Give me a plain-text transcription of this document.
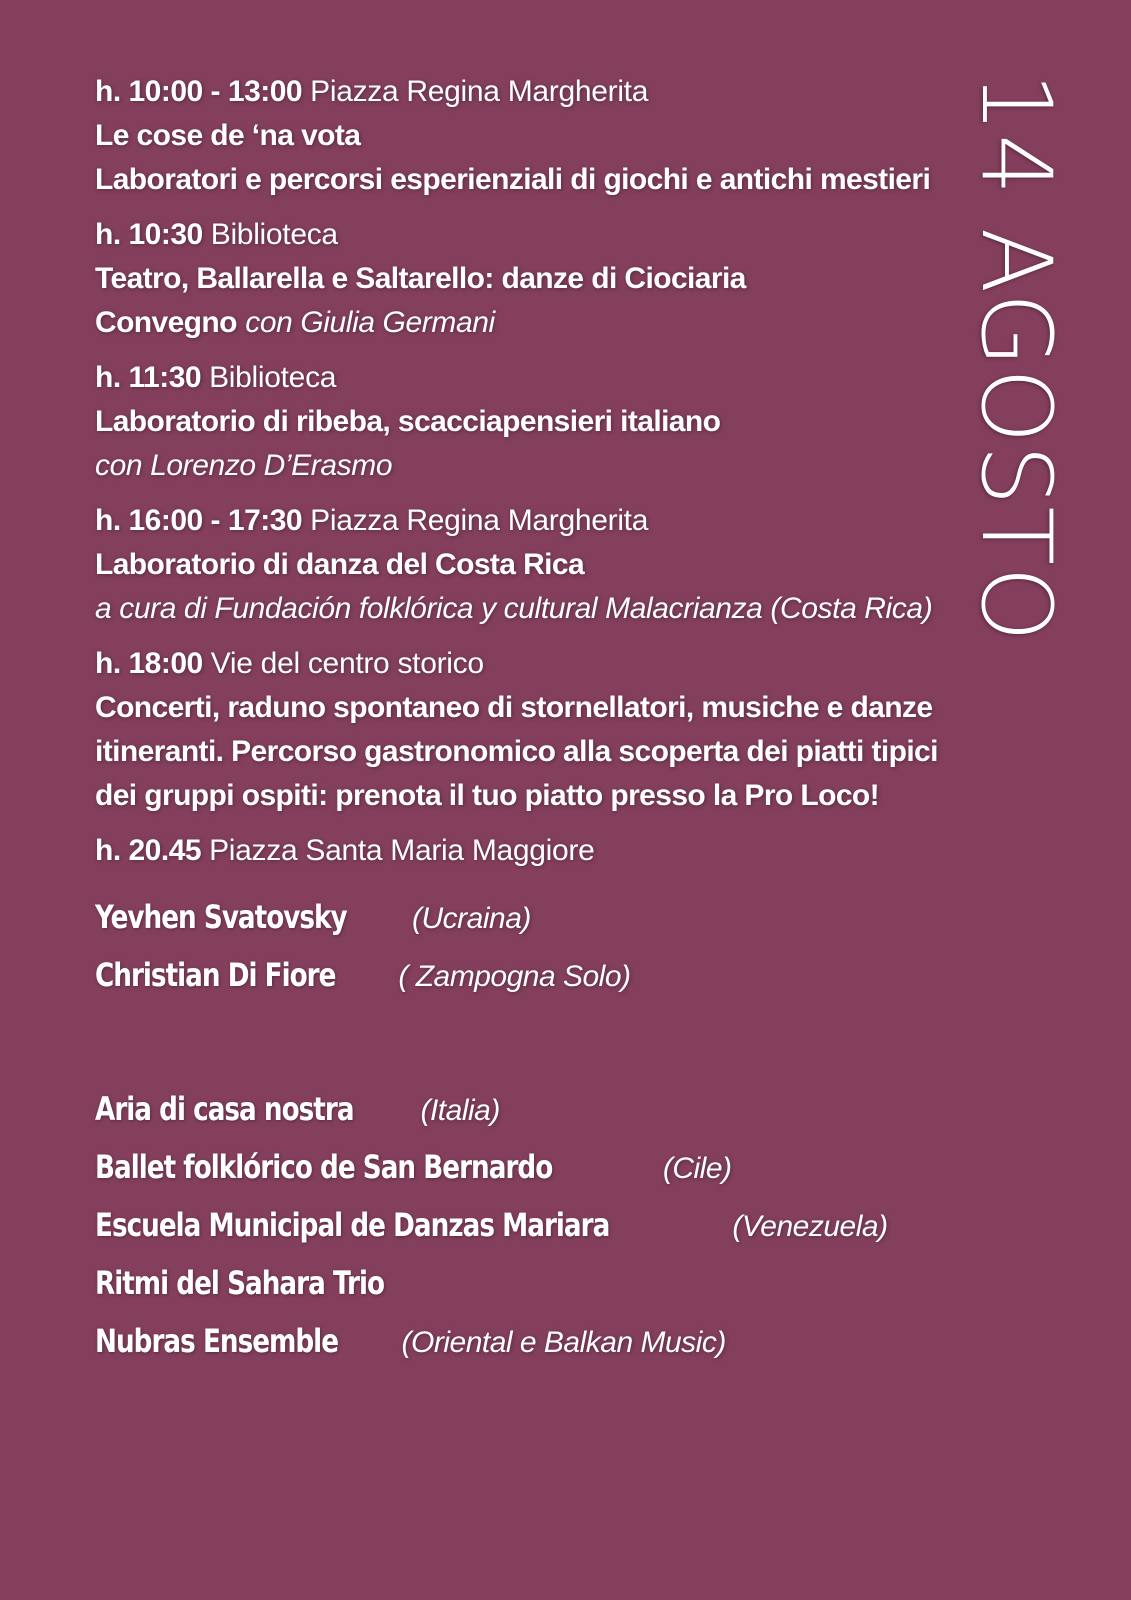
14 AGOSTO
h. 10:00 - 13:00 Piazza Regina Margherita
Le cose de ‘na vota
Laboratori e percorsi esperienziali di giochi e antichi mestieri
h. 10:30 Biblioteca
Teatro, Ballarella e Saltarello: danze di Ciociaria
Convegno con Giulia Germani
h. 11:30 Biblioteca
Laboratorio di ribeba, scacciapensieri italiano
con Lorenzo D’Erasmo
h. 16:00 - 17:30 Piazza Regina Margherita
Laboratorio di danza del Costa Rica
a cura di Fundación folklórica y cultural Malacrianza (Costa Rica)
h. 18:00 Vie del centro storico
Concerti, raduno spontaneo di stornellatori, musiche e danze itineranti. Percorso gastronomico alla scoperta dei piatti tipici dei gruppi ospiti: prenota il tuo piatto presso la Pro Loco!
h. 20.45 Piazza Santa Maria Maggiore
Yevhen Svatovsky (Ucraina)
Christian Di Fiore ( Zampogna Solo)
Aria di casa nostra (Italia)
Ballet folklórico de San Bernardo	(Cile)
Escuela Municipal de Danzas Mariara	(Venezuela)
Ritmi del Sahara Trio
Nubras Ensemble (Oriental e Balkan Music)
